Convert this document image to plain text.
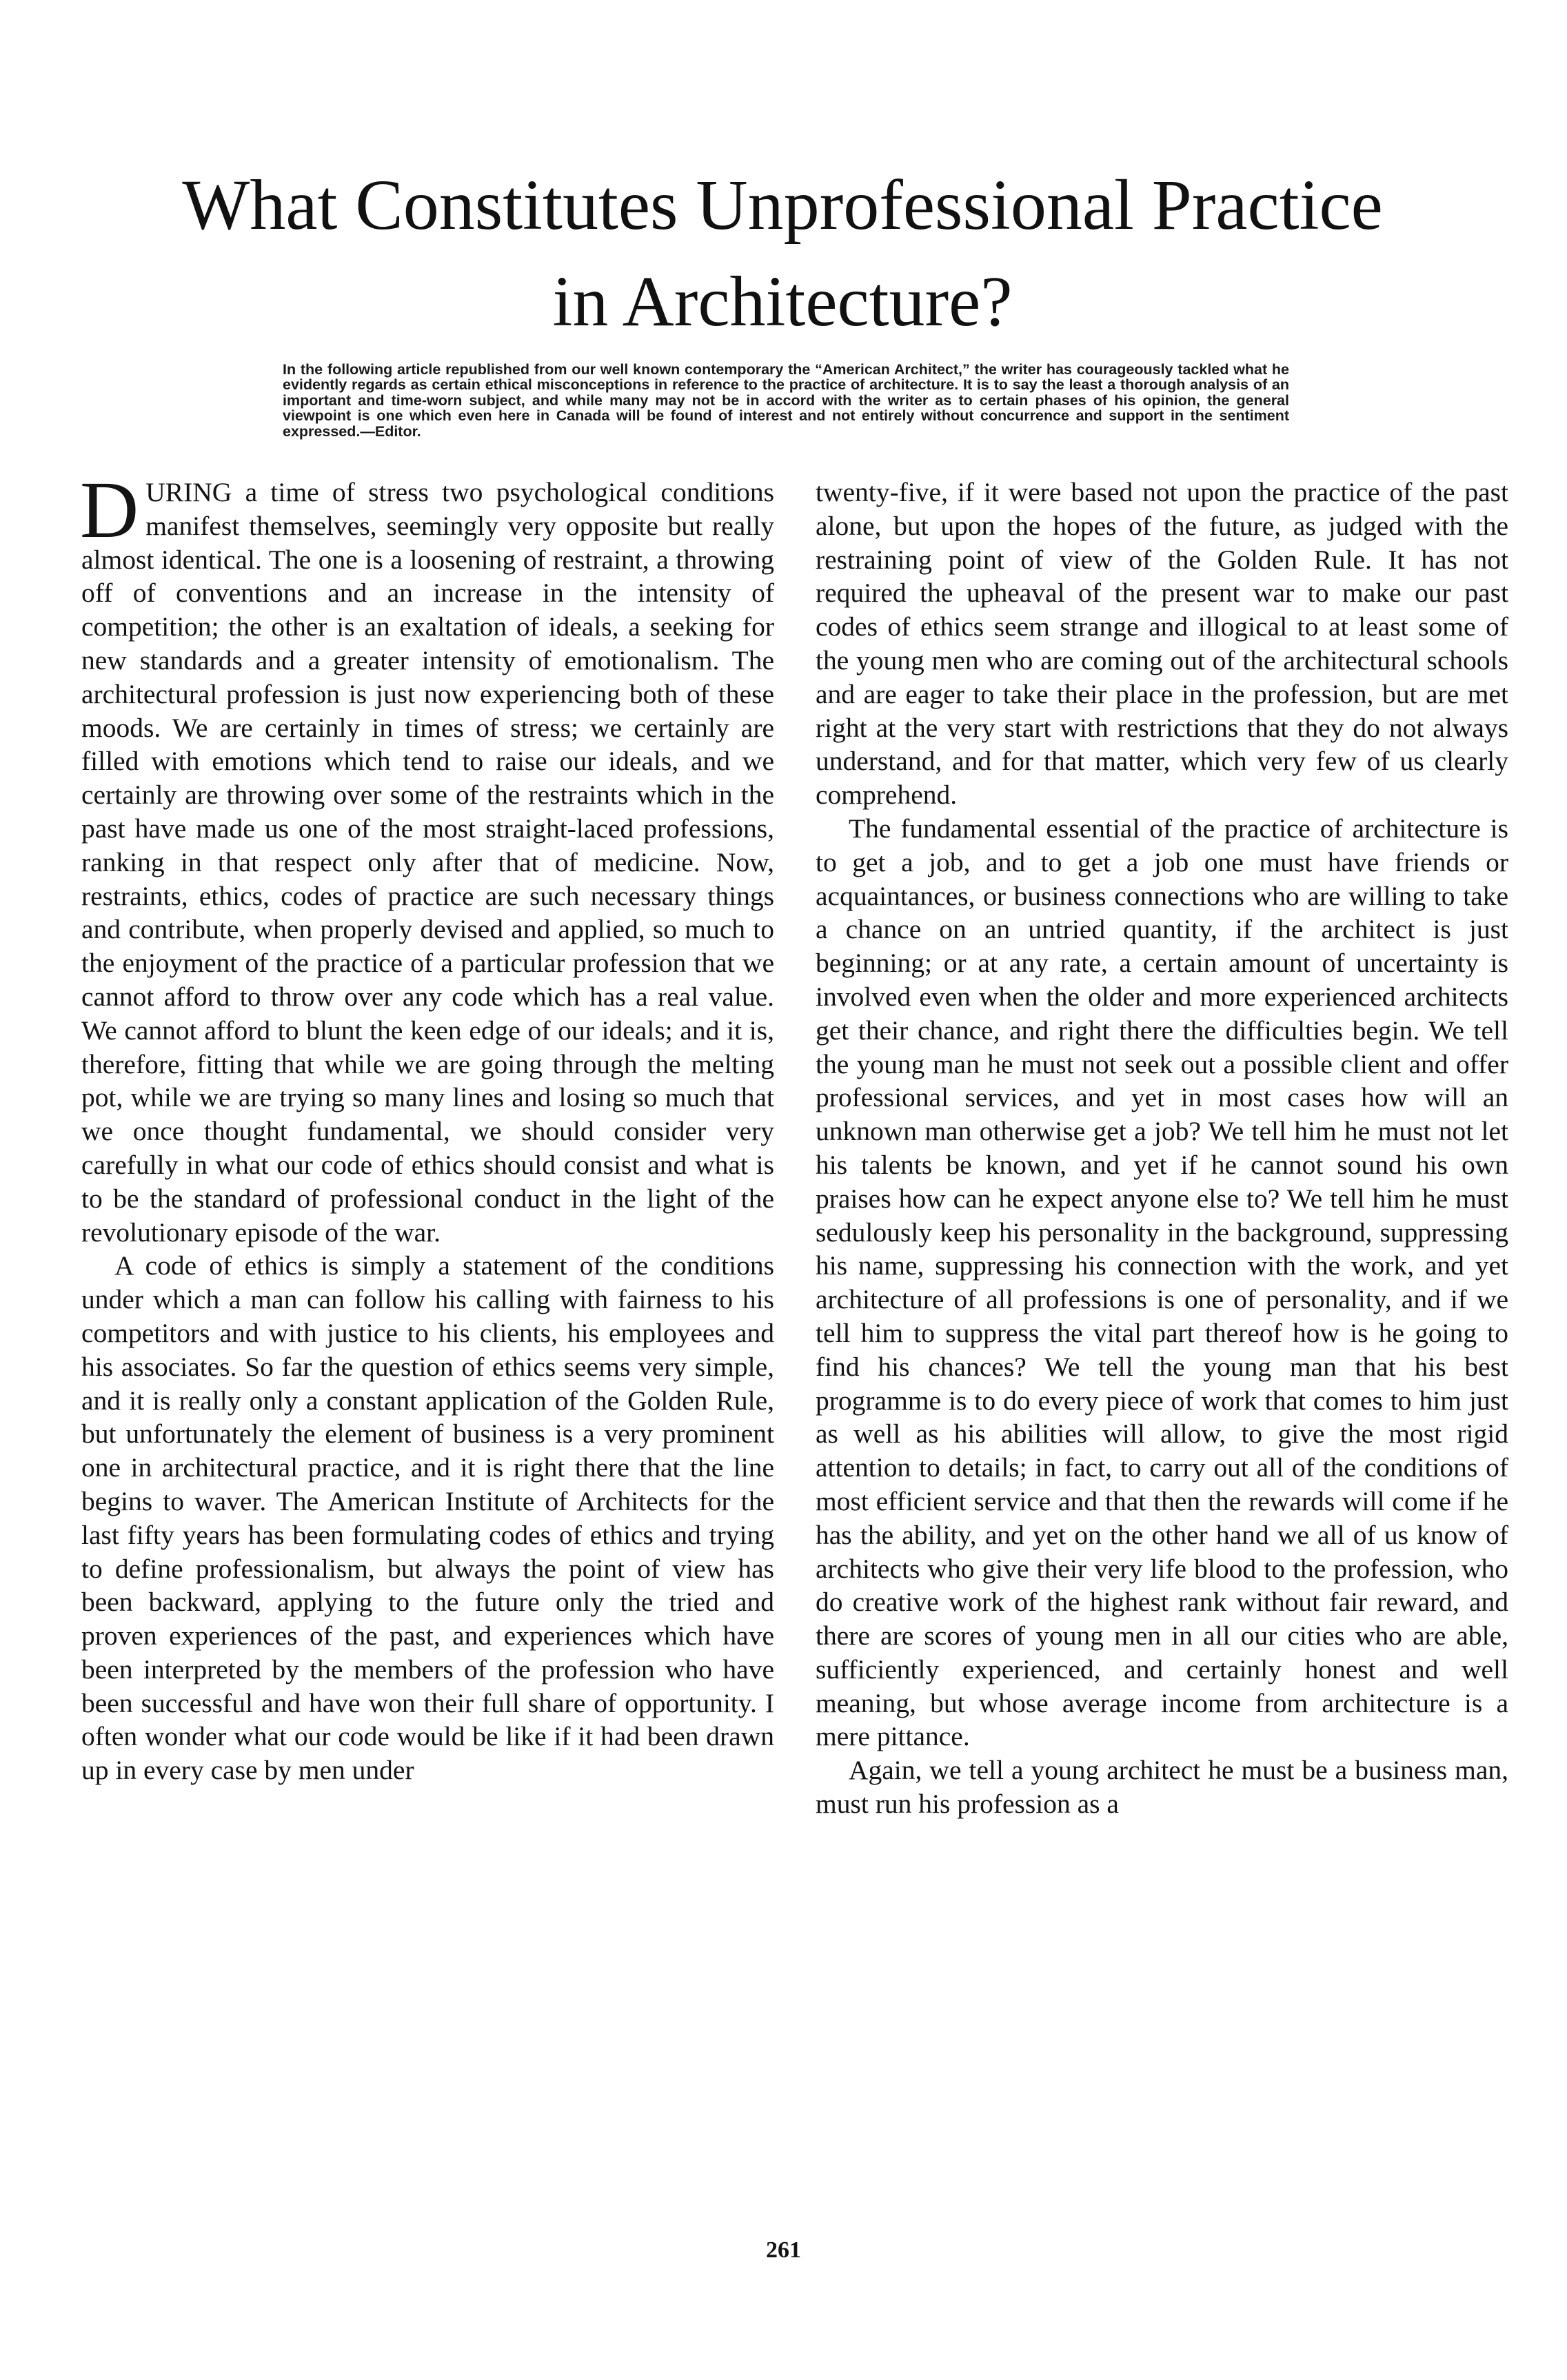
What Constitutes Unprofessional Practice
in Architecture?

In the following article republished from our well known contemporary the “American Architect,” the writer has courageously tackled what he evidently regards as certain ethical misconceptions in reference to the practice of architecture. It is to say the least a thorough analysis of an important and time-worn subject, and while many may not be in accord with the writer as to certain phases of his opinion, the general viewpoint is one which even here in Canada will be found of interest and not entirely without concurrence and support in the sentiment expressed.—Editor.

DURING a time of stress two psychological conditions manifest themselves, seemingly very opposite but really almost identical. The one is a loosening of restraint, a throwing off of conventions and an increase in the intensity of competition; the other is an exaltation of ideals, a seeking for new standards and a greater intensity of emotionalism. The architectural profession is just now experiencing both of these moods. We are certainly in times of stress; we certainly are filled with emotions which tend to raise our ideals, and we certainly are throwing over some of the restraints which in the past have made us one of the most straight-laced professions, ranking in that respect only after that of medicine. Now, restraints, ethics, codes of practice are such necessary things and contribute, when properly devised and applied, so much to the enjoyment of the practice of a particular profession that we cannot afford to throw over any code which has a real value. We cannot afford to blunt the keen edge of our ideals; and it is, therefore, fitting that while we are going through the melting pot, while we are trying so many lines and losing so much that we once thought fundamental, we should consider very carefully in what our code of ethics should consist and what is to be the standard of professional conduct in the light of the revolutionary episode of the war.

A code of ethics is simply a statement of the conditions under which a man can follow his calling with fairness to his competitors and with justice to his clients, his employees and his associates. So far the question of ethics seems very simple, and it is really only a constant application of the Golden Rule, but unfortunately the element of business is a very prominent one in architectural practice, and it is right there that the line begins to waver. The American Institute of Architects for the last fifty years has been formulating codes of ethics and trying to define professionalism, but always the point of view has been backward, applying to the future only the tried and proven experiences of the past, and experiences which have been interpreted by the members of the profession who have been successful and have won their full share of opportunity. I often wonder what our code would be like if it had been drawn up in every case by men under

twenty-five, if it were based not upon the practice of the past alone, but upon the hopes of the future, as judged with the restraining point of view of the Golden Rule. It has not required the upheaval of the present war to make our past codes of ethics seem strange and illogical to at least some of the young men who are coming out of the architectural schools and are eager to take their place in the profession, but are met right at the very start with restrictions that they do not always understand, and for that matter, which very few of us clearly comprehend.

The fundamental essential of the practice of architecture is to get a job, and to get a job one must have friends or acquaintances, or business connections who are willing to take a chance on an untried quantity, if the architect is just beginning; or at any rate, a certain amount of uncertainty is involved even when the older and more experienced architects get their chance, and right there the difficulties begin. We tell the young man he must not seek out a possible client and offer professional services, and yet in most cases how will an unknown man otherwise get a job? We tell him he must not let his talents be known, and yet if he cannot sound his own praises how can he expect anyone else to? We tell him he must sedulously keep his personality in the background, suppressing his name, suppressing his connection with the work, and yet architecture of all professions is one of personality, and if we tell him to suppress the vital part thereof how is he going to find his chances? We tell the young man that his best programme is to do every piece of work that comes to him just as well as his abilities will allow, to give the most rigid attention to details; in fact, to carry out all of the conditions of most efficient service and that then the rewards will come if he has the ability, and yet on the other hand we all of us know of architects who give their very life blood to the profession, who do creative work of the highest rank without fair reward, and there are scores of young men in all our cities who are able, sufficiently experienced, and certainly honest and well meaning, but whose average income from architecture is a mere pittance.

Again, we tell a young architect he must be a business man, must run his profession as a

261
